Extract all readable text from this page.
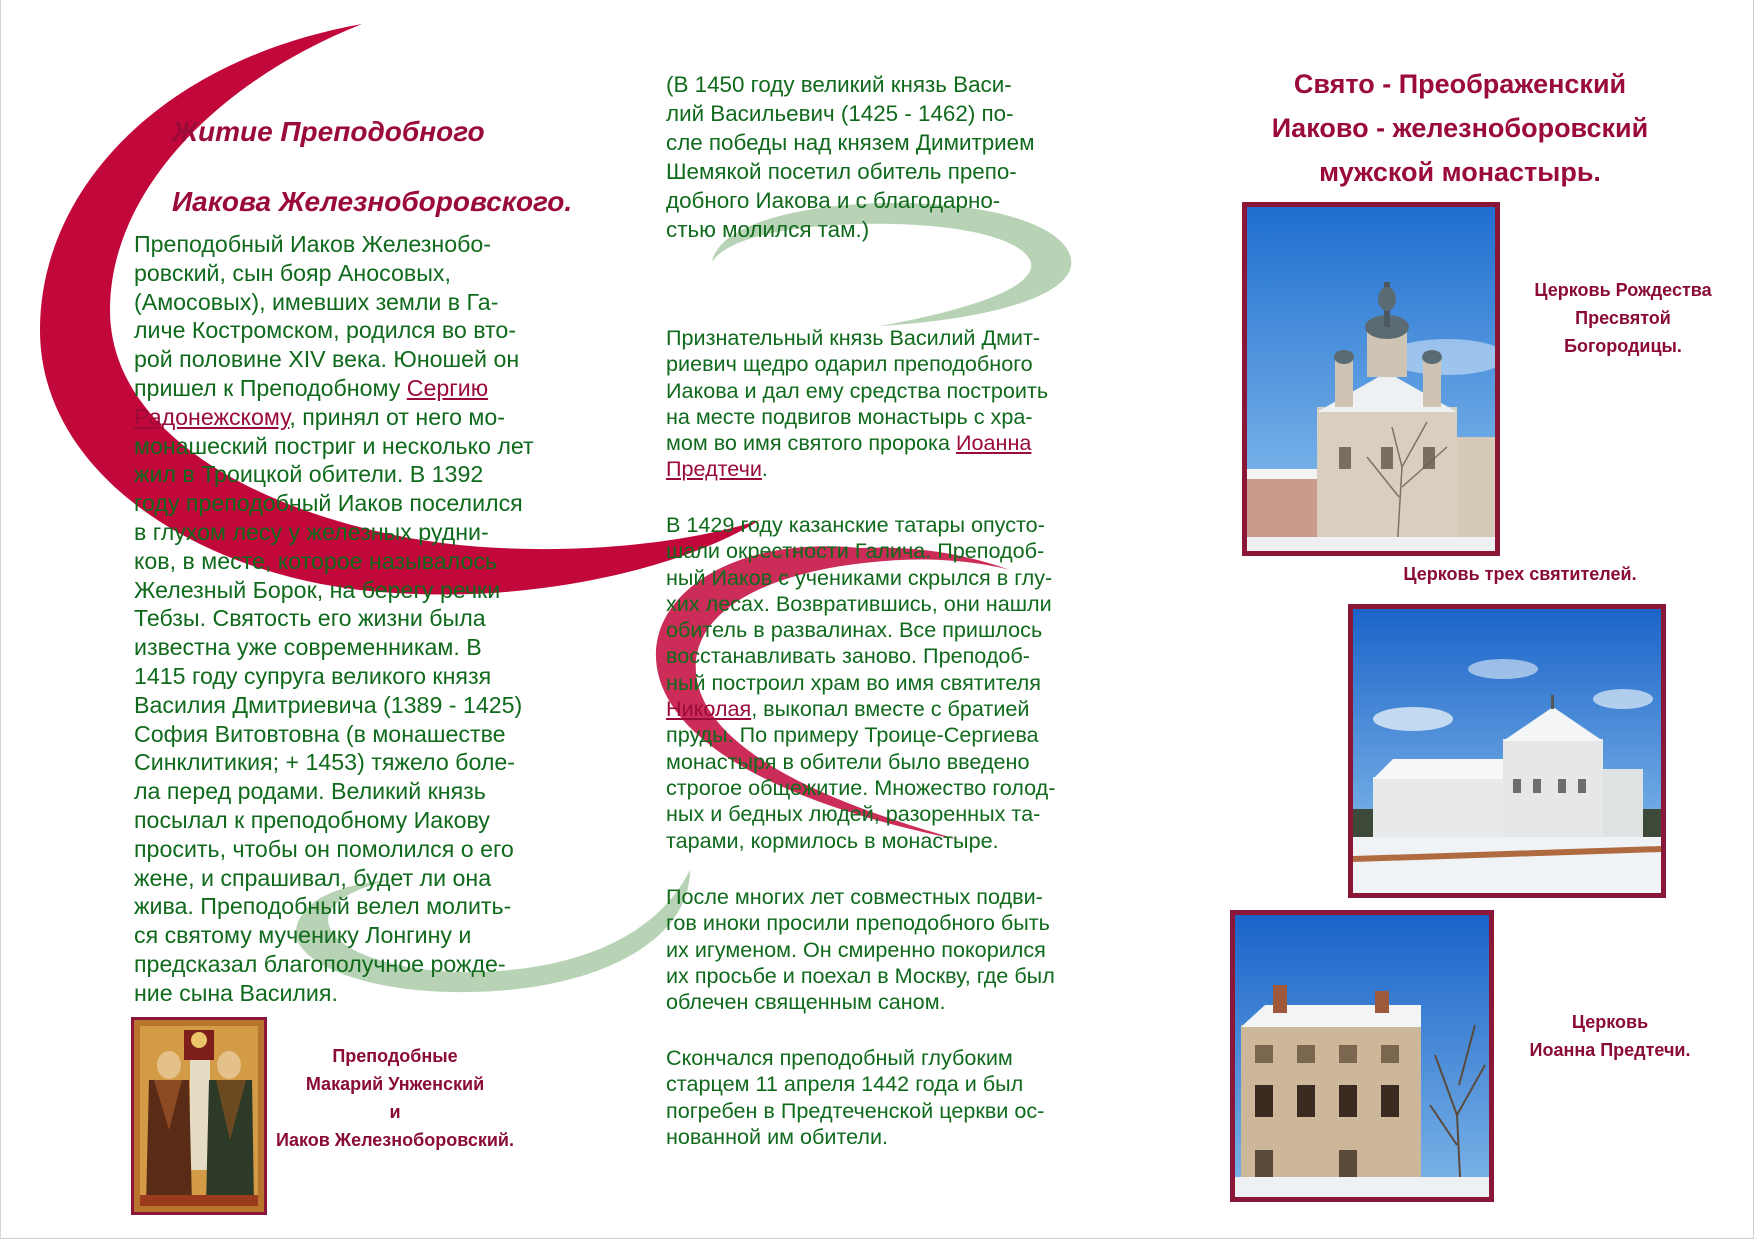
Житие Преподобного
Иакова Железноборовского.

Преподобный Иаков Железнобо-

ровский, сын бояр Аносовых,

(Амосовых), имевших земли в Га-

личе Костромском, родился во вто-

рой половине XIV века. Юношей он

пришел к Преподобному Сергию

Радонежскому, принял от него мо-

монашеский постриг и несколько лет

жил в Троицкой обители. В 1392

году преподобный Иаков поселился

в глухом лесу у железных рудни-

ков, в месте, которое называлось

Железный Борок, на берегу речки

Тебзы. Святость его жизни была

известна уже современникам. В

1415 году супруга великого князя

Василия Дмитриевича (1389 - 1425)

София Витовтовна (в монашестве

Синклитикия; + 1453) тяжело боле-

ла перед родами. Великий князь

посылал к преподобному Иакову

просить, чтобы он помолился о его

жене, и спрашивал, будет ли она

жива. Преподобный велел молить-

ся святому мученику Лонгину и

предсказал благополучное рожде-

ние сына Василия.

Преподобные
Макарий Унженский
и
Иаков Железноборовский.

(В 1450 году великий князь Васи-

лий Васильевич (1425 - 1462) по-

сле победы над князем Димитрием

Шемякой посетил обитель препо-

добного Иакова и с благодарно-

стью молился там.)

Признательный князь Василий Дмит-

риевич щедро одарил преподобного

Иакова и дал ему средства построить

на месте подвигов монастырь с хра-

мом во имя святого пророка Иоанна

Предтечи.

В 1429 году казанские татары опусто-

шали окрестности Галича. Преподоб-

ный Иаков с учениками скрылся в глу-

хих лесах. Возвратившись, они нашли

обитель в развалинах. Все пришлось

восстанавливать заново. Преподоб-

ный построил храм во имя святителя

Николая, выкопал вместе с братией

пруды. По примеру Троице-Сергиева

монастыря в обители было введено

строгое общежитие. Множество голод-

ных и бедных людей, разоренных та-

тарами, кормилось в монастыре.

После многих лет совместных подви-

гов иноки просили преподобного быть

их игуменом. Он смиренно покорился

их просьбе и поехал в Москву, где был

облечен священным саном.

Скончался преподобный глубоким

старцем 11 апреля 1442 года и был

погребен в Предтеченской церкви ос-

нованной им обители.

Свято - Преображенский
Иаково - железноборовский
мужской монастырь.
Церковь Рождества
Пресвятой
Богородицы.
Церковь трех святителей.
Церковь
Иоанна Предтечи.
